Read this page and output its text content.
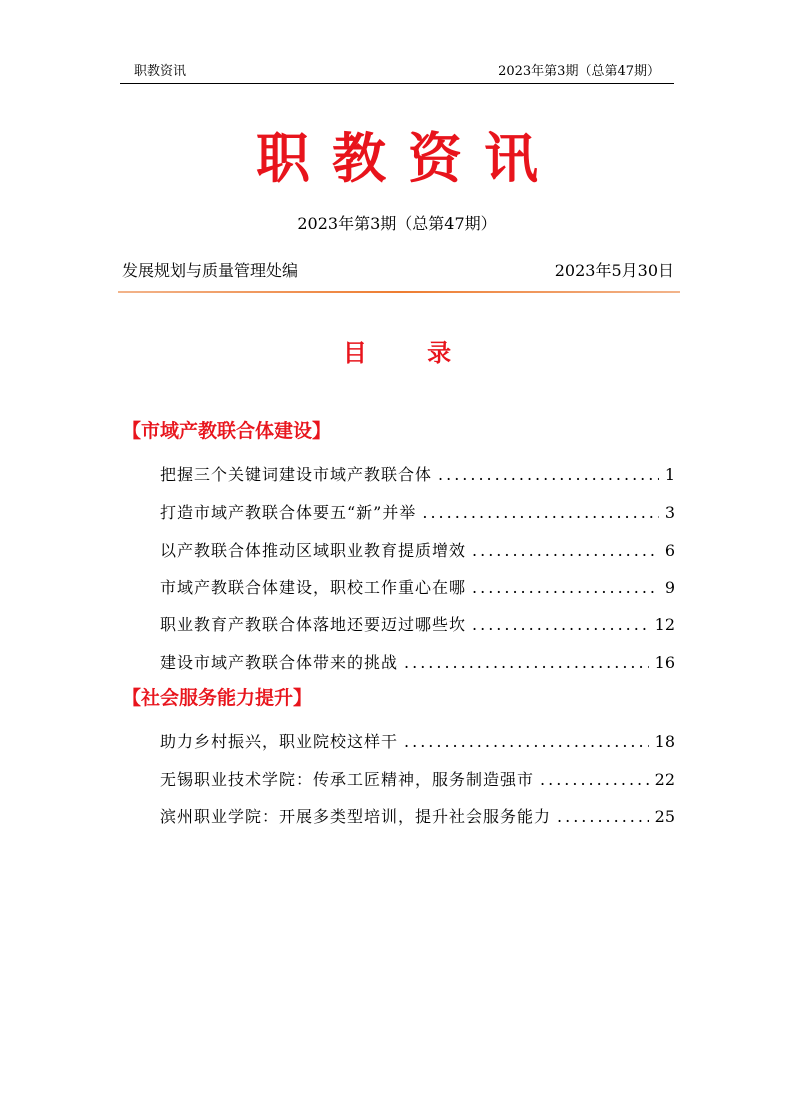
职教资讯	2023年第3期（总第47期）
职教资讯
2023年第3期（总第47期）
发展规划与质量管理处编	2023年5月30日
目 录
【市域产教联合体建设】
把握三个关键词建设市域产教联合体 .....	1
打造市域产教联合体要五“新”并举 .....	3
以产教联合体推动区域职业教育提质增效 .....	6
市域产教联合体建设，职校工作重心在哪 .....	9
职业教育产教联合体落地还要迈过哪些坎 .....	12
建设市域产教联合体带来的挑战 .....	16
【社会服务能力提升】
助力乡村振兴，职业院校这样干 .....	18
无锡职业技术学院：传承工匠精神，服务制造强市 .....	22
滨州职业学院：开展多类型培训，提升社会服务能力 .....	25
